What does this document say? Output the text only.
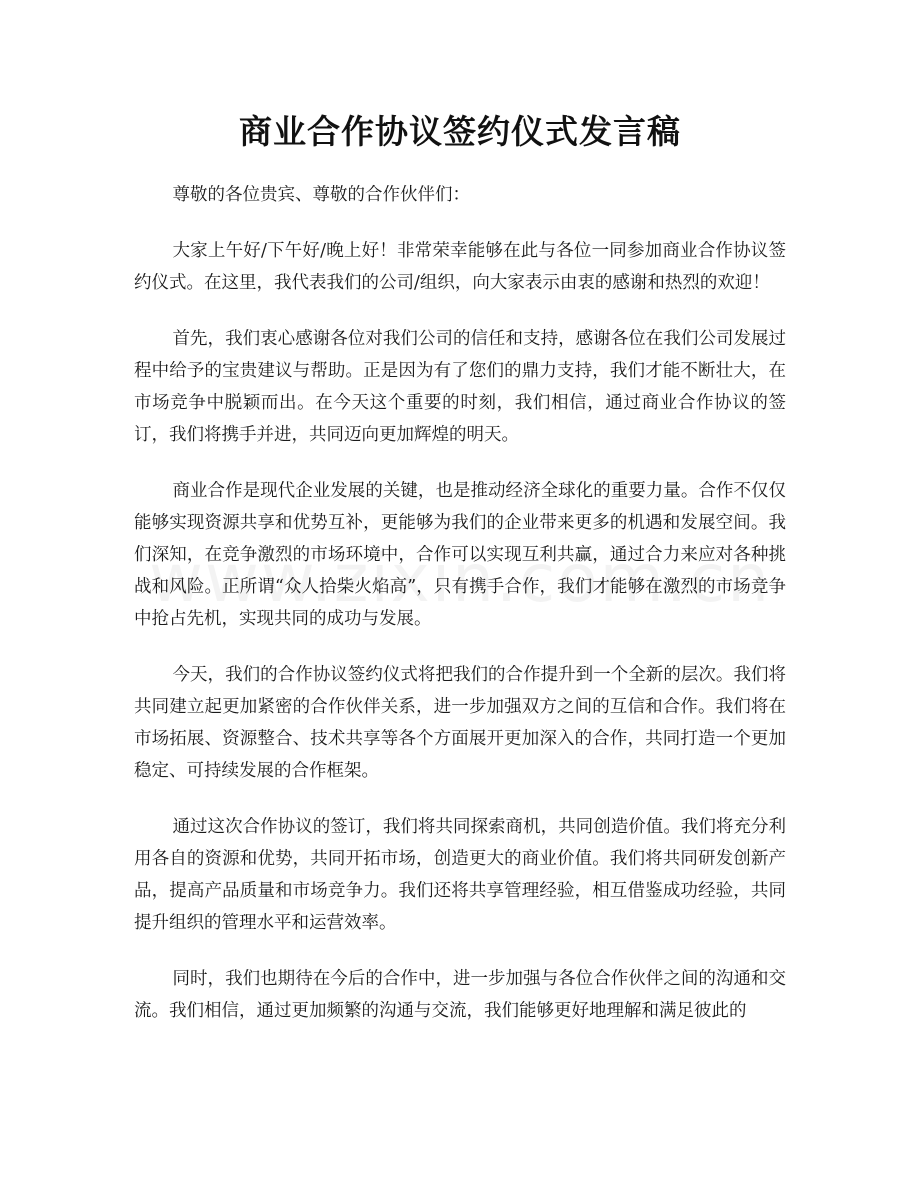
商业合作协议签约仪式发言稿

尊敬的各位贵宾、尊敬的合作伙伴们：

大家上午好/下午好/晚上好！非常荣幸能够在此与各位一同参加商业合作协议签约仪式。在这里，我代表我们的公司/组织，向大家表示由衷的感谢和热烈的欢迎！

首先，我们衷心感谢各位对我们公司的信任和支持，感谢各位在我们公司发展过程中给予的宝贵建议与帮助。正是因为有了您们的鼎力支持，我们才能不断壮大，在市场竞争中脱颖而出。在今天这个重要的时刻，我们相信，通过商业合作协议的签订，我们将携手并进，共同迈向更加辉煌的明天。

商业合作是现代企业发展的关键，也是推动经济全球化的重要力量。合作不仅仅能够实现资源共享和优势互补，更能够为我们的企业带来更多的机遇和发展空间。我们深知，在竞争激烈的市场环境中，合作可以实现互利共赢，通过合力来应对各种挑战和风险。正所谓“众人拾柴火焰高”，只有携手合作，我们才能够在激烈的市场竞争中抢占先机，实现共同的成功与发展。

今天，我们的合作协议签约仪式将把我们的合作提升到一个全新的层次。我们将共同建立起更加紧密的合作伙伴关系，进一步加强双方之间的互信和合作。我们将在市场拓展、资源整合、技术共享等各个方面展开更加深入的合作，共同打造一个更加稳定、可持续发展的合作框架。

通过这次合作协议的签订，我们将共同探索商机，共同创造价值。我们将充分利用各自的资源和优势，共同开拓市场，创造更大的商业价值。我们将共同研发创新产品，提高产品质量和市场竞争力。我们还将共享管理经验，相互借鉴成功经验，共同提升组织的管理水平和运营效率。

同时，我们也期待在今后的合作中，进一步加强与各位合作伙伴之间的沟通和交流。我们相信，通过更加频繁的沟通与交流，我们能够更好地理解和满足彼此的
